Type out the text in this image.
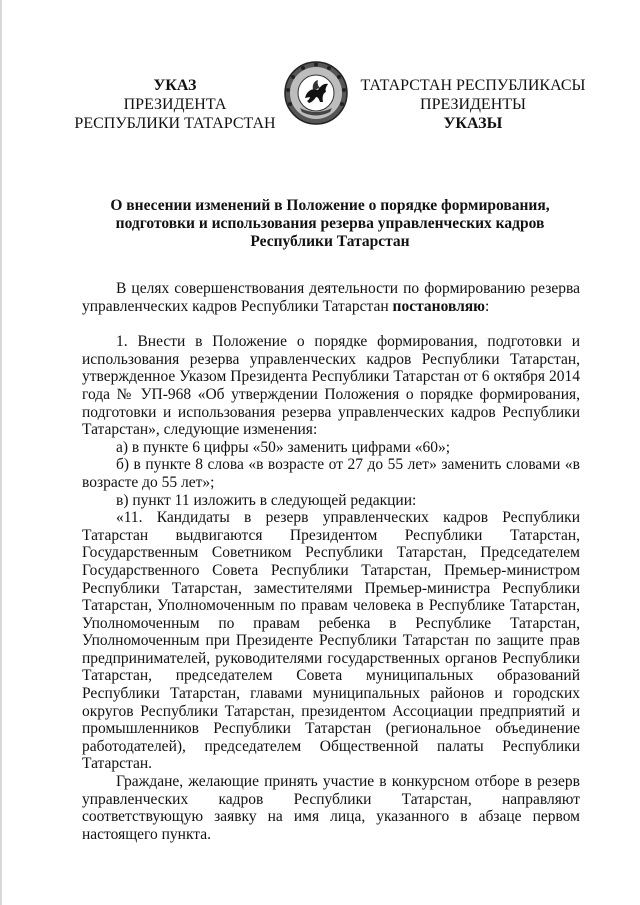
УКАЗ
ПРЕЗИДЕНТА
РЕСПУБЛИКИ ТАТАРСТАН
ТАТАРСТАН РЕСПУБЛИКАСЫ
ПРЕЗИДЕНТЫ
УКАЗЫ
О внесении изменений в Положение о порядке формирования,
подготовки и использования резерва управленческих кадров
Республики Татарстан

В целях совершенствования деятельности по формированию резерва управленческих кадров Республики Татарстан постановляю:

1. Внести в Положение о порядке формирования, подготовки и использования резерва управленческих кадров Республики Татарстан, утвержденное Указом Президента Республики Татарстан от 6 октября 2014 года № УП-968 «Об утверждении Положения о порядке формирования, подготовки и использования резерва управленческих кадров Республики Татарстан», следующие изменения:

а) в пункте 6 цифры «50» заменить цифрами «60»;

б) в пункте 8 слова «в возрасте от 27 до 55 лет» заменить словами «в возрасте до 55 лет»;

в) пункт 11 изложить в следующей редакции:

«11. Кандидаты в резерв управленческих кадров Республики Татарстан выдвигаются Президентом Республики Татарстан, Государственным Советником Республики Татарстан, Председателем Государственного Совета Республики Татарстан, Премьер-министром Республики Татарстан, заместителями Премьер-министра Республики Татарстан, Уполномоченным по правам человека в Республике Татарстан, Уполномоченным по правам ребенка в Республике Татарстан, Уполномоченным при Президенте Республики Татарстан по защите прав предпринимателей, руководителями государственных органов Республики Татарстан, председателем Совета муниципальных образований Республики Татарстан, главами муниципальных районов и городских округов Республики Татарстан, президентом Ассоциации предприятий и промышленников Республики Татарстан (региональное объединение работодателей), председателем Общественной палаты Республики Татарстан.

Граждане, желающие принять участие в конкурсном отборе в резерв управленческих кадров Республики Татарстан, направляют соответствующую заявку на имя лица, указанного в абзаце первом настоящего пункта.
